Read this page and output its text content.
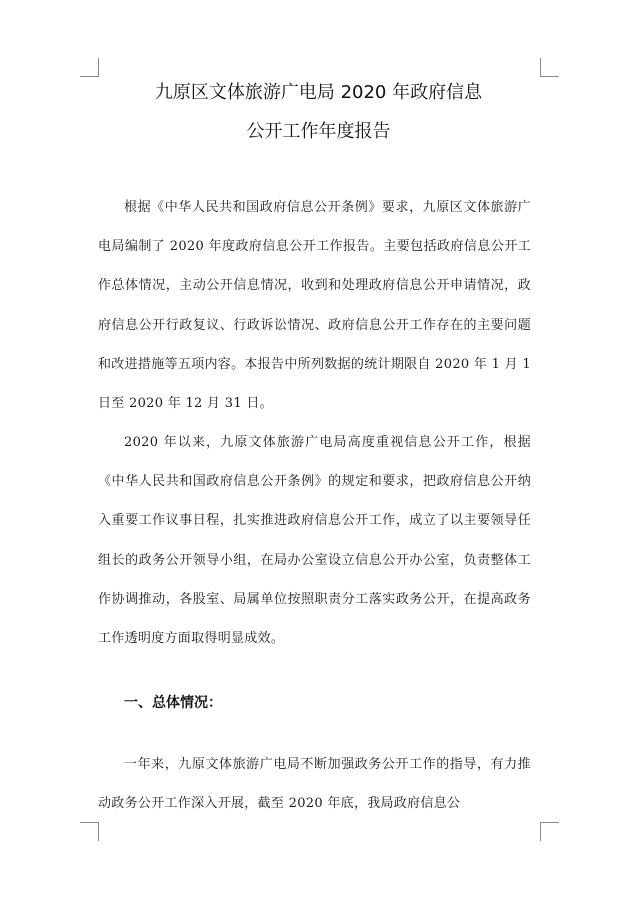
九原区文体旅游广电局 2020 年政府信息
公开工作年度报告

根据《中华人民共和国政府信息公开条例》要求，九原区文体旅游广电局编制了 2020 年度政府信息公开工作报告。主要包括政府信息公开工作总体情况，主动公开信息情况，收到和处理政府信息公开申请情况，政府信息公开行政复议、行政诉讼情况、政府信息公开工作存在的主要问题和改进措施等五项内容。本报告中所列数据的统计期限自 2020 年 1 月 1 日至 2020 年 12 月 31 日。

2020 年以来，九原文体旅游广电局高度重视信息公开工作，根据《中华人民共和国政府信息公开条例》的规定和要求，把政府信息公开纳入重要工作议事日程，扎实推进政府信息公开工作，成立了以主要领导任组长的政务公开领导小组，在局办公室设立信息公开办公室，负责整体工作协调推动，各股室、局属单位按照职责分工落实政务公开，在提高政务工作透明度方面取得明显成效。

一、总体情况：

一年来，九原文体旅游广电局不断加强政务公开工作的指导，有力推动政务公开工作深入开展，截至 2020 年底，我局政府信息公
